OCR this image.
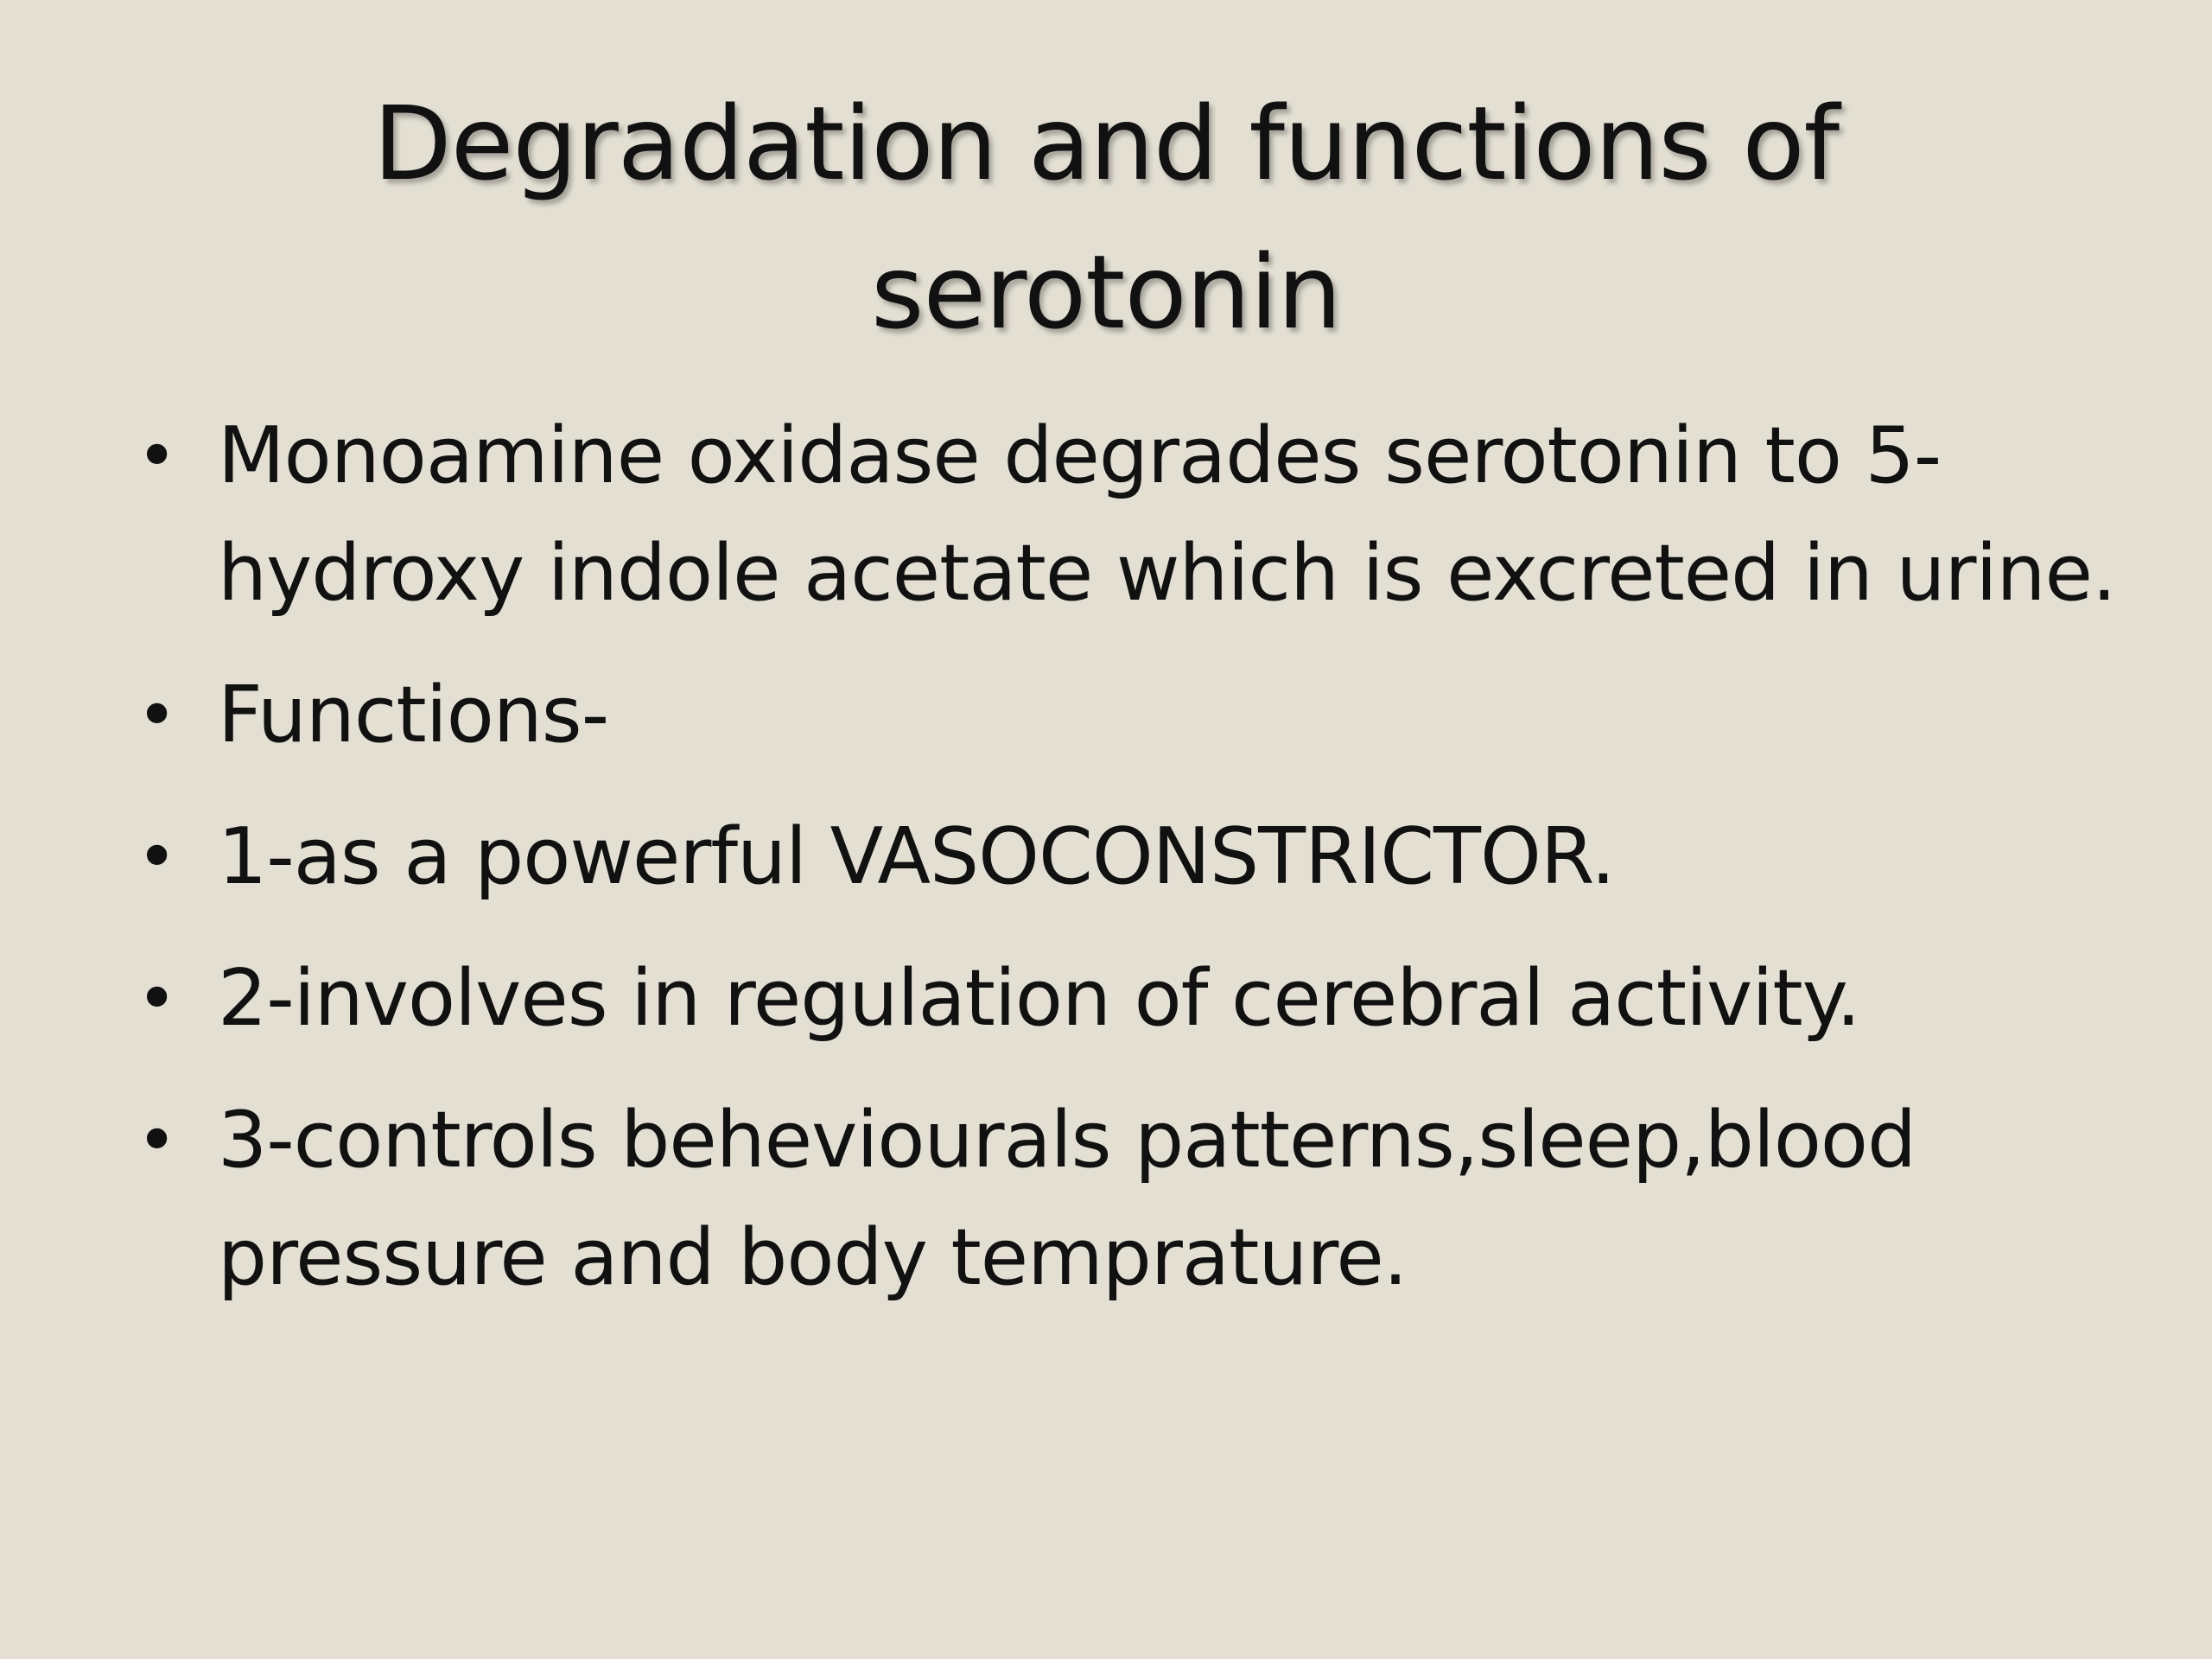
Degradation and functions of
serotonin
• Monoamine oxidase degrades serotonin to 5-hydroxy indole acetate which is excreted in urine.
• Functions-
• 1-as a powerful VASOCONSTRICTOR.
• 2-involves in regulation of cerebral activity.
• 3-controls beheviourals patterns,sleep,blood pressure and body temprature.
